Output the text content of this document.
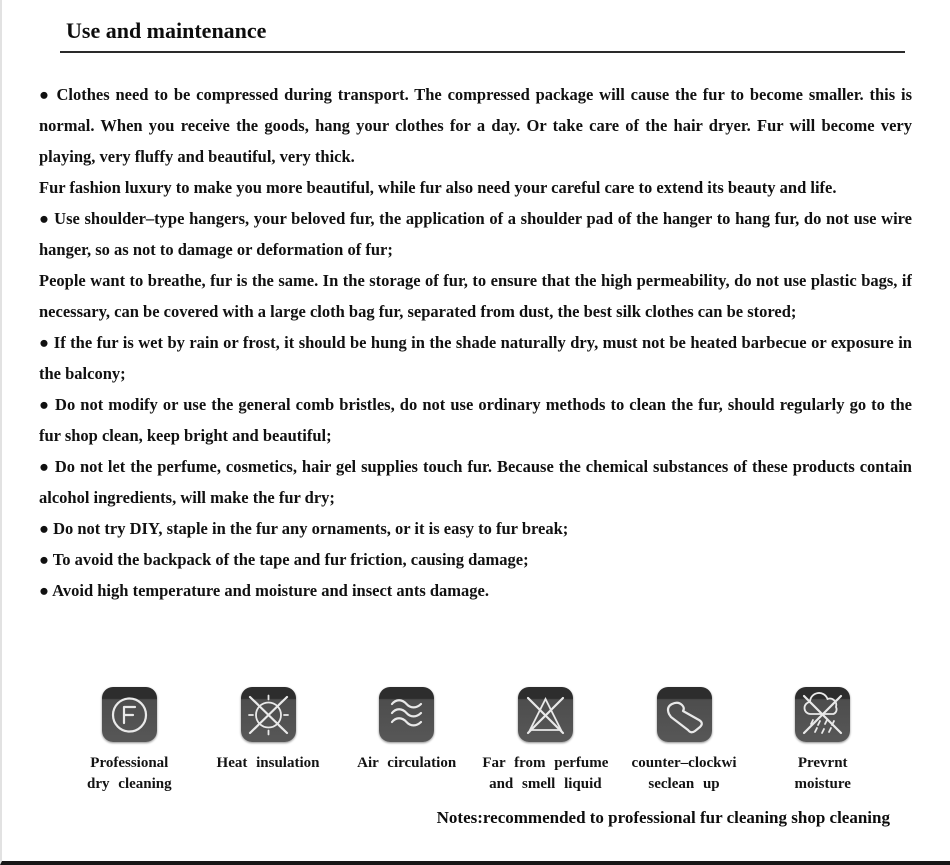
Use and maintenance

● Clothes need to be compressed during transport. The compressed package will cause the fur to become smaller. this is normal. When you receive the goods, hang your clothes for a day. Or take care of the hair dryer. Fur will become very playing, very fluffy and beautiful, very thick.

Fur fashion luxury to make you more beautiful, while fur also need your careful care to extend its beauty and life.

● Use shoulder–type hangers, your beloved fur, the application of a shoulder pad of the hanger to hang fur, do not use wire hanger, so as not to damage or deformation of fur;

People want to breathe, fur is the same. In the storage of fur, to ensure that the high permeability, do not use plastic bags, if necessary, can be covered with a large cloth bag fur, separated from dust, the best silk clothes can be stored;

● If the fur is wet by rain or frost, it should be hung in the shade naturally dry, must not be heated barbecue or exposure in the balcony;

● Do not modify or use the general comb bristles, do not use ordinary methods to clean the fur, should regularly go to the fur shop clean, keep bright and beautiful;

● Do not let the perfume, cosmetics, hair gel supplies touch fur. Because the chemical substances of these products contain alcohol ingredients, will make the fur dry;

● Do not try DIY, staple in the fur any ornaments, or it is easy to fur break;

● To avoid the backpack of the tape and fur friction, causing damage;

● Avoid high temperature and moisture and insect ants damage.

Professional
dry cleaning
Heat insulation	Air circulation	Far from perfume
and smell liquid
counter–clockwi
seclean up
Prevrnt
moisture
Notes:recommended to professional fur cleaning shop cleaning
